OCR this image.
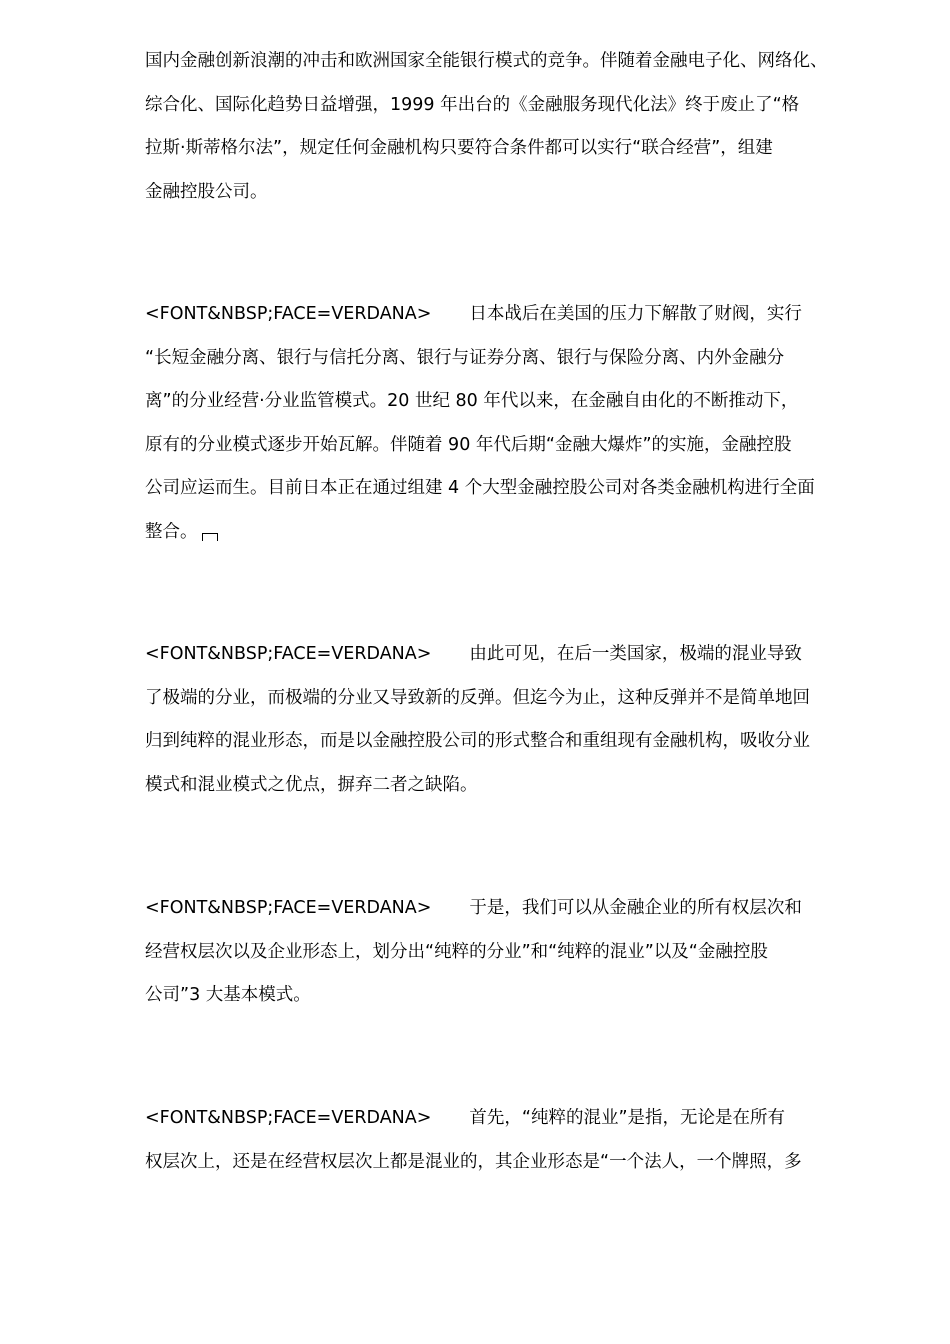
国内金融创新浪潮的冲击和欧洲国家全能银行模式的竞争。伴随着金融电子化、网络化、
综合化、国际化趋势日益增强，1999 年出台的《金融服务现代化法》终于废止了“格
拉斯·斯蒂格尔法”，规定任何金融机构只要符合条件都可以实行“联合经营”，组建
金融控股公司。
<FONT&NBSP;FACE=VERDANA> 日本战后在美国的压力下解散了财阀，实行
“长短金融分离、银行与信托分离、银行与证券分离、银行与保险分离、内外金融分
离”的分业经营·分业监管模式。20 世纪 80 年代以来，在金融自由化的不断推动下，
原有的分业模式逐步开始瓦解。伴随着 90 年代后期“金融大爆炸”的实施，金融控股
公司应运而生。目前日本正在通过组建 4 个大型金融控股公司对各类金融机构进行全面
整合。
<FONT&NBSP;FACE=VERDANA> 由此可见，在后一类国家，极端的混业导致
了极端的分业，而极端的分业又导致新的反弹。但迄今为止，这种反弹并不是简单地回
归到纯粹的混业形态，而是以金融控股公司的形式整合和重组现有金融机构，吸收分业
模式和混业模式之优点，摒弃二者之缺陷。
<FONT&NBSP;FACE=VERDANA> 于是，我们可以从金融企业的所有权层次和
经营权层次以及企业形态上，划分出“纯粹的分业”和“纯粹的混业”以及“金融控股
公司”3 大基本模式。
<FONT&NBSP;FACE=VERDANA> 首先，“纯粹的混业”是指，无论是在所有
权层次上，还是在经营权层次上都是混业的，其企业形态是“一个法人，一个牌照，多
